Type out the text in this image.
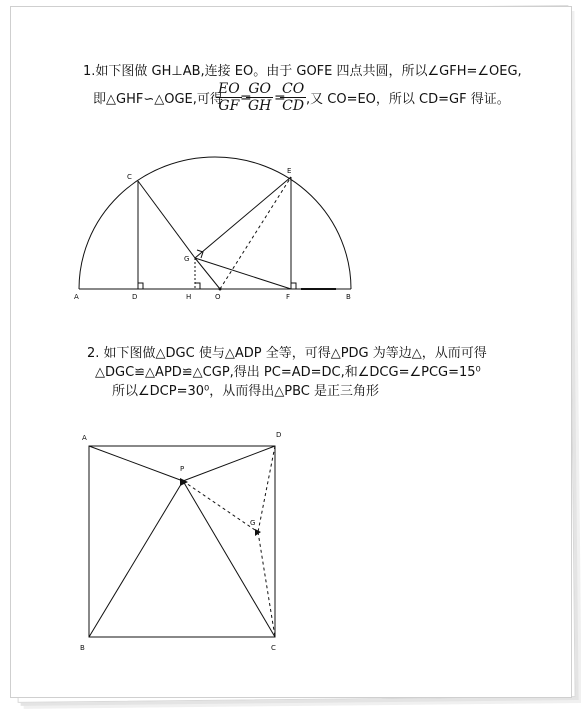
1.如下图做 GH⊥AB,连接 EO。由于 GOFE 四点共圆，所以∠GFH=∠OEG,
即△GHF∽△OGE,可得
$\frac{EO}{GF}$
=
$\frac{GO}{GH}$ =
$\frac{CO}{CD}$ ,又 CO=EO，所以 CD=GF 得证。
A	D	H	O	F	B
C
E
G
2. 如下图做△DGC 使与△ADP 全等，可得△PDG 为等边△，从而可得
△DGC≌△APD≌△CGP,得出 PC=AD=DC,和∠DCG=∠PCG=15⁰
所以∠DCP=30⁰，从而得出△PBC 是正三角形
A	D
B	C
P
G
